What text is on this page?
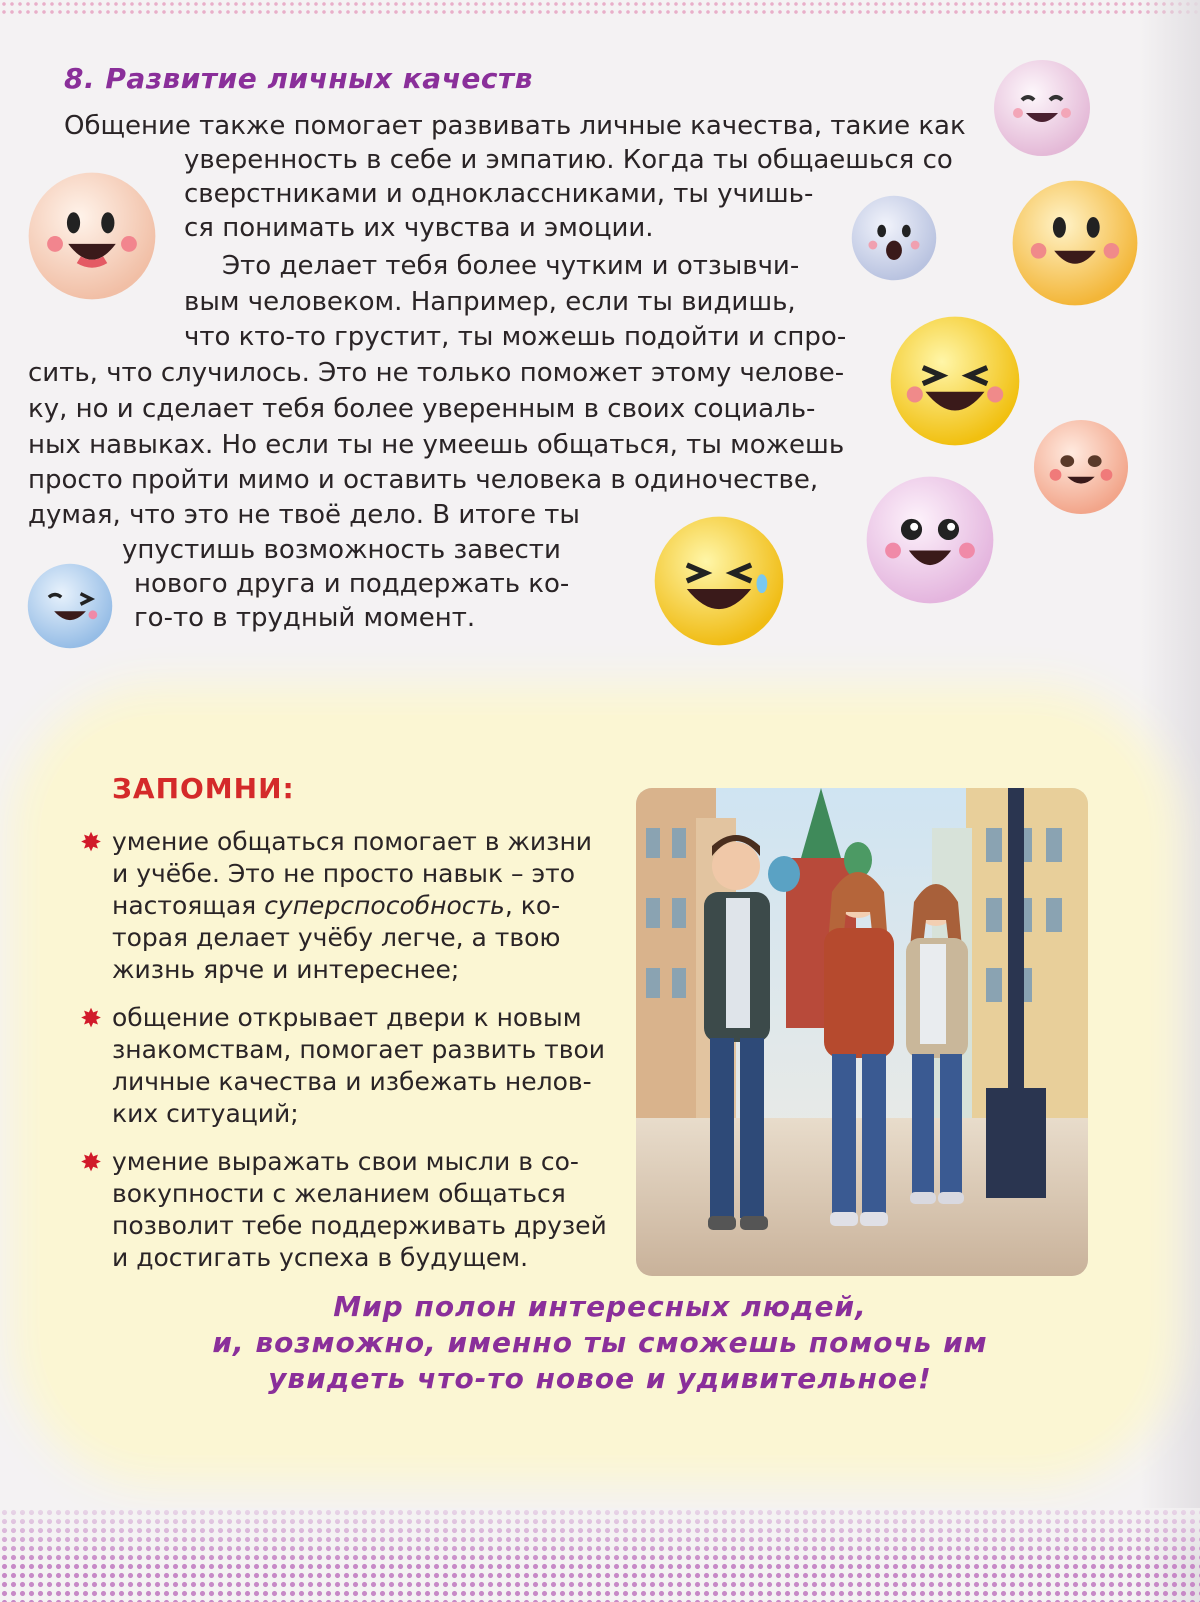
8. Развитие личных качеств

Общение также помогает развивать личные качества, такие как

уверенность в себе и эмпатию. Когда ты общаешься со

сверстниками и одноклассниками, ты учишь-

ся понимать их чувства и эмоции.

Это делает тебя более чутким и отзывчи-

вым человеком. Например, если ты видишь,

что кто-то грустит, ты можешь подойти и спро-

сить, что случилось. Это не только поможет этому челове-

ку, но и сделает тебя более уверенным в своих социаль-

ных навыках. Но если ты не умеешь общаться, ты можешь

просто пройти мимо и оставить человека в одиночестве,

думая, что это не твоё дело. В итоге ты

упустишь возможность завести

нового друга и поддержать ко-

го-то в трудный момент.

ЗАПОМНИ:
✸ умение общаться помогает в жизни

и учёбе. Это не просто навык – это

настоящая суперспособность, ко-

торая делает учёбу легче, а твою

жизнь ярче и интереснее;

✸ общение открывает двери к новым

знакомствам, помогает развить твои

личные качества и избежать нелов-

ких ситуаций;

✸ умение выражать свои мысли в со-

вокупности с желанием общаться

позволит тебе поддерживать друзей

и достигать успеха в будущем.

Мир полон интересных людей,

и, возможно, именно ты сможешь помочь им

увидеть что-то новое и удивительное!
